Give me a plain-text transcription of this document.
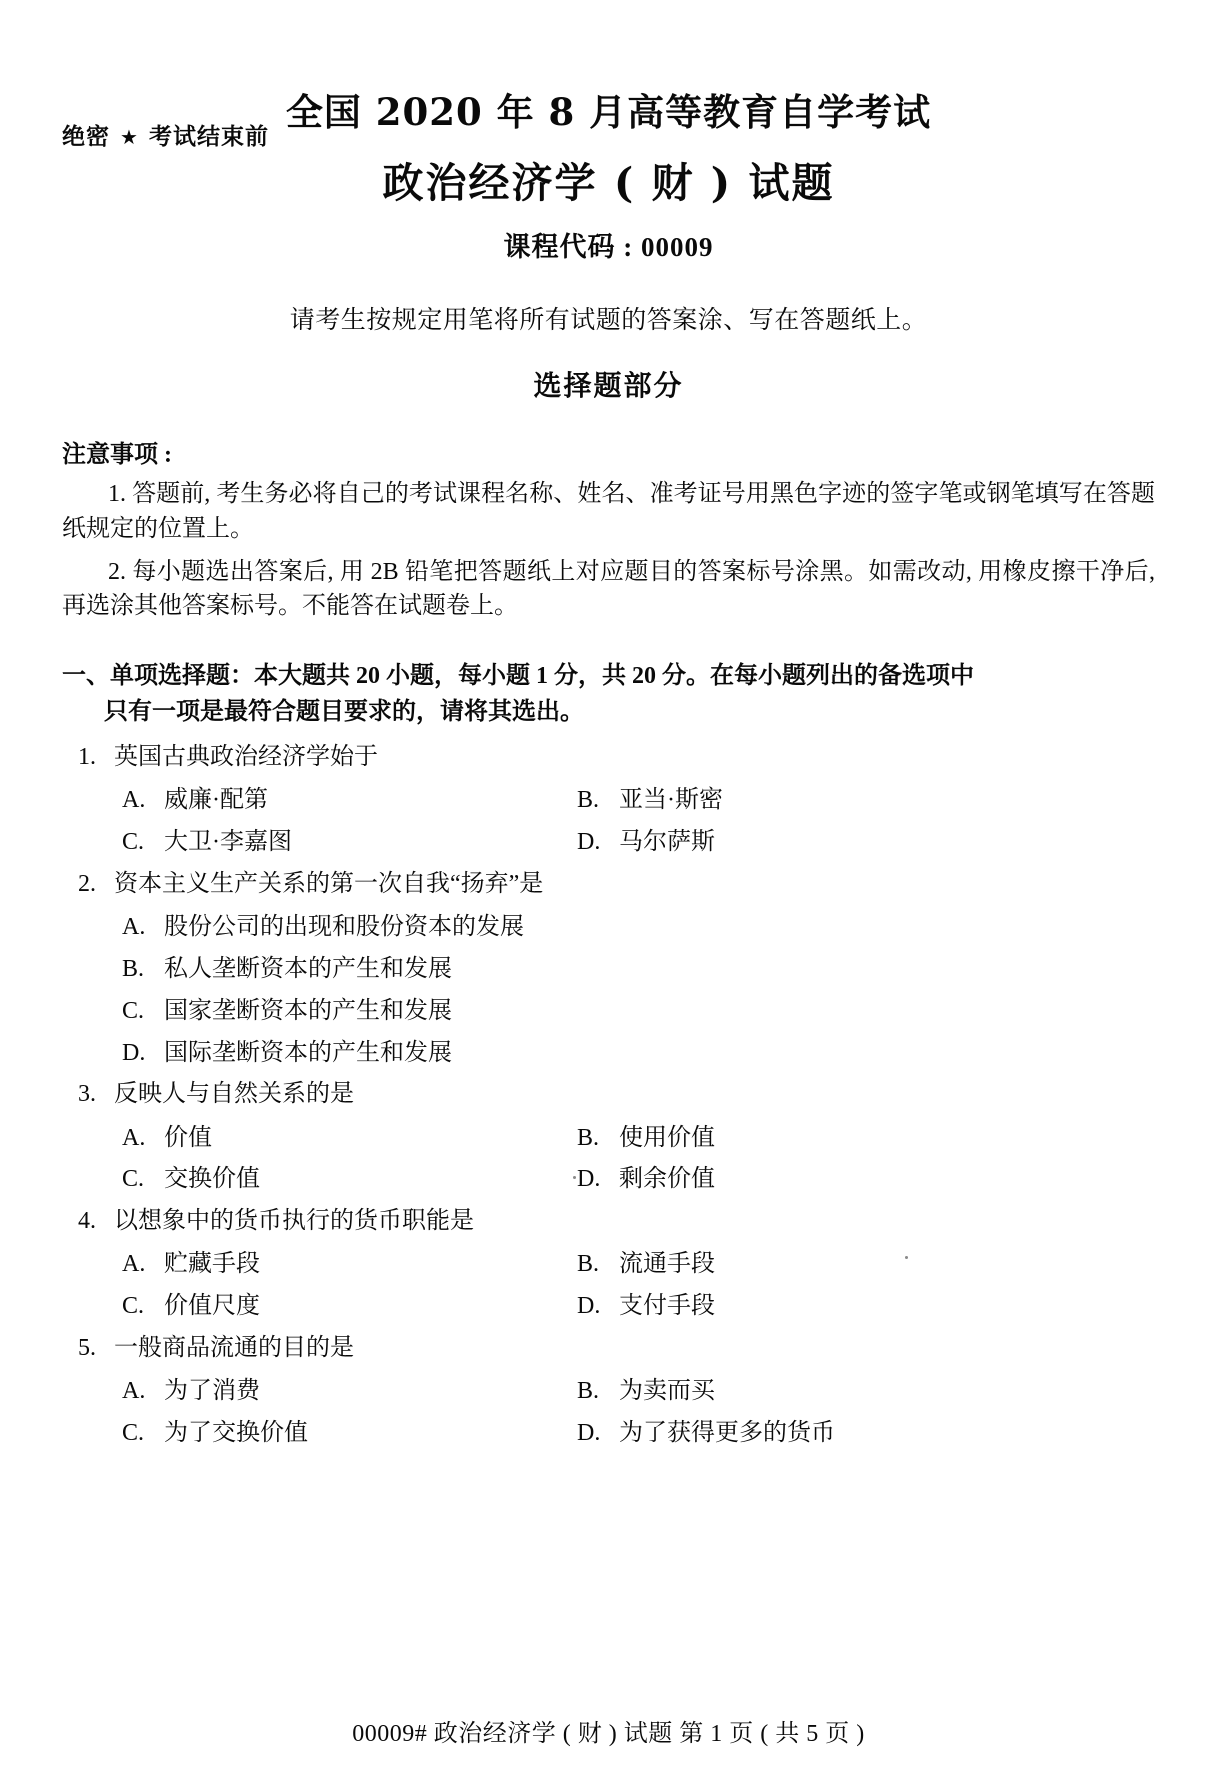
绝密 ★ 考试结束前
全国 2020 年 8 月高等教育自学考试
政治经济学 ( 财 ) 试题
课程代码 : 00009
请考生按规定用笔将所有试题的答案涂、写在答题纸上。
选择题部分
注意事项 :
1. 答题前, 考生务必将自己的考试课程名称、姓名、准考证号用黑色字迹的签字笔或钢笔填写在答题纸规定的位置上。
2. 每小题选出答案后, 用 2B 铅笔把答题纸上对应题目的答案标号涂黑。如需改动, 用橡皮擦干净后, 再选涂其他答案标号。不能答在试题卷上。
一、单项选择题：本大题共 20 小题，每小题 1 分，共 20 分。在每小题列出的备选项中
只有一项是最符合题目要求的，请将其选出。
1. 英国古典政治经济学始于
A. 威廉·配第	B. 亚当·斯密
C. 大卫·李嘉图	D. 马尔萨斯
2. 资本主义生产关系的第一次自我“扬弃”是
A. 股份公司的出现和股份资本的发展
B. 私人垄断资本的产生和发展
C. 国家垄断资本的产生和发展
D. 国际垄断资本的产生和发展
3. 反映人与自然关系的是
A. 价值	B. 使用价值
C. 交换价值	D. 剩余价值
4. 以想象中的货币执行的货币职能是
A. 贮藏手段	B. 流通手段
C. 价值尺度	D. 支付手段
5. 一般商品流通的目的是
A. 为了消费	B. 为卖而买
C. 为了交换价值	D. 为了获得更多的货币
00009# 政治经济学 ( 财 ) 试题 第 1 页 ( 共 5 页 )
